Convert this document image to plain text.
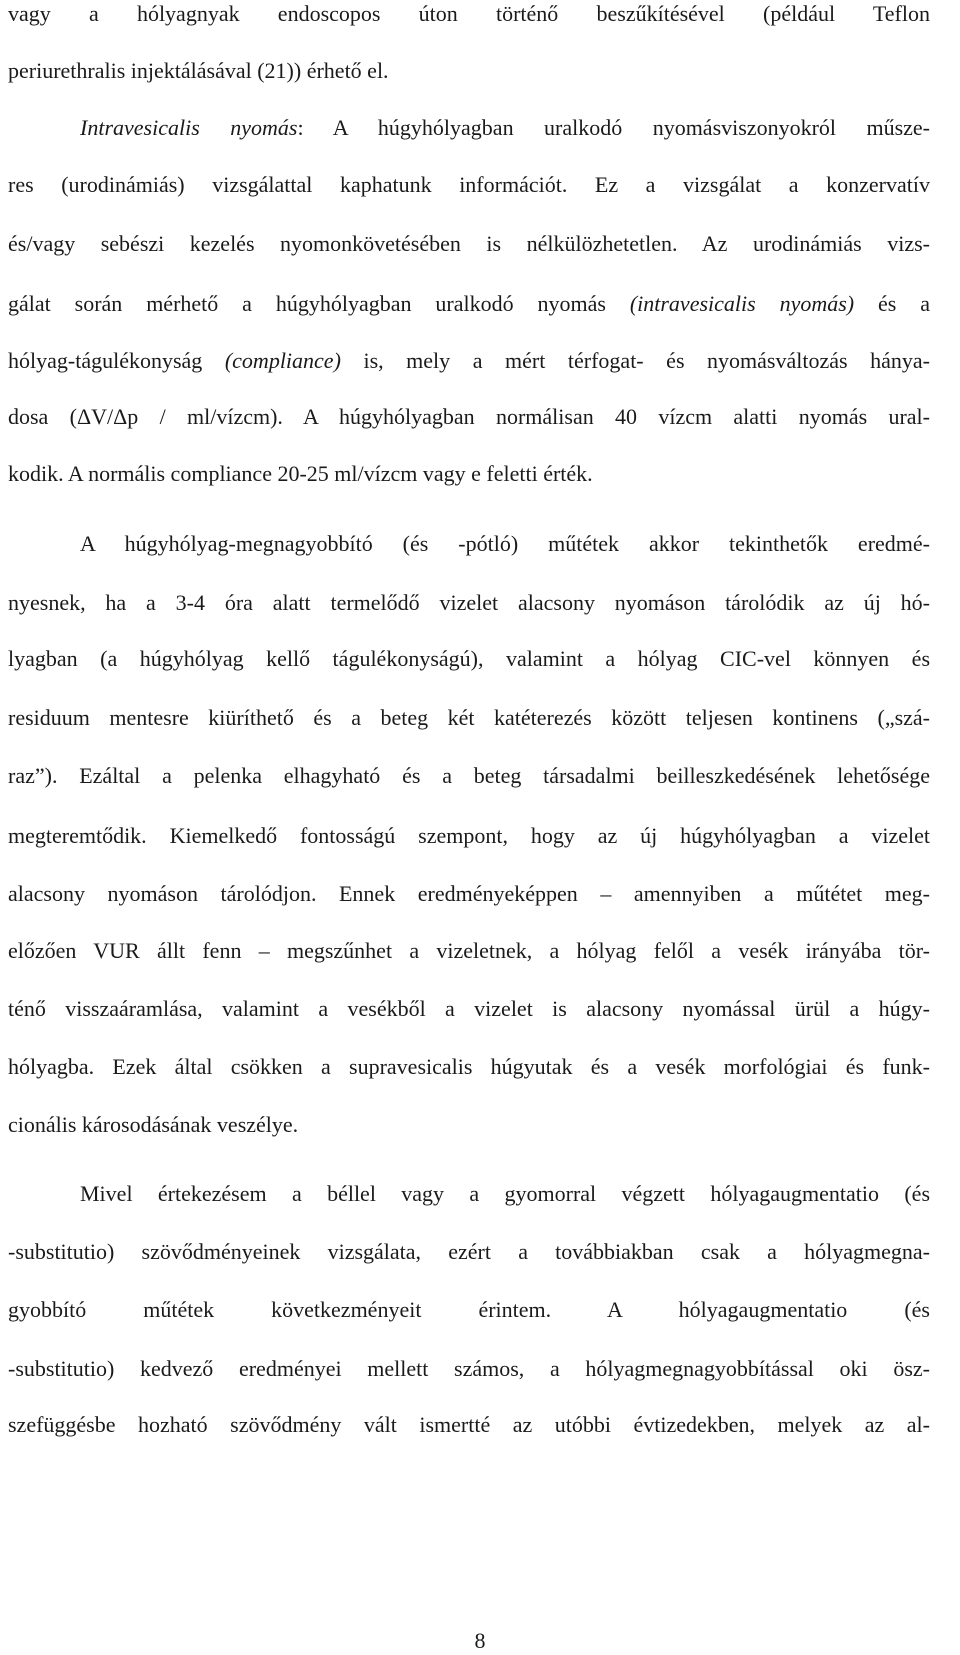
vagy a hólyagnyak endoscopos úton történő beszűkítésével (például Teflon
periurethralis injektálásával (21)) érhető el.
Intravesicalis nyomás: A húgyhólyagban uralkodó nyomásviszonyokról műsze-
res (urodinámiás) vizsgálattal kaphatunk információt. Ez a vizsgálat a konzervatív
és/vagy sebészi kezelés nyomonkövetésében is nélkülözhetetlen. Az urodinámiás vizs-
gálat során mérhető a húgyhólyagban uralkodó nyomás (intravesicalis nyomás) és a
hólyag-tágulékonyság (compliance) is, mely a mért térfogat- és nyomásváltozás hánya-
dosa (ΔV/Δp / ml/vízcm). A húgyhólyagban normálisan 40 vízcm alatti nyomás ural-
kodik. A normális compliance 20-25 ml/vízcm vagy e feletti érték.
A húgyhólyag-megnagyobbító (és -pótló) műtétek akkor tekinthetők eredmé-
nyesnek, ha a 3-4 óra alatt termelődő vizelet alacsony nyomáson tárolódik az új hó-
lyagban (a húgyhólyag kellő tágulékonyságú), valamint a hólyag CIC-vel könnyen és
residuum mentesre kiüríthető és a beteg két katéterezés között teljesen kontinens („szá-
raz”). Ezáltal a pelenka elhagyható és a beteg társadalmi beilleszkedésének lehetősége
megteremtődik. Kiemelkedő fontosságú szempont, hogy az új húgyhólyagban a vizelet
alacsony nyomáson tárolódjon. Ennek eredményeképpen – amennyiben a műtétet meg-
előzően VUR állt fenn – megszűnhet a vizeletnek, a hólyag felől a vesék irányába tör-
ténő visszaáramlása, valamint a vesékből a vizelet is alacsony nyomással ürül a húgy-
hólyagba. Ezek által csökken a supravesicalis húgyutak és a vesék morfológiai és funk-
cionális károsodásának veszélye.
Mivel értekezésem a béllel vagy a gyomorral végzett hólyagaugmentatio (és
-substitutio) szövődményeinek vizsgálata, ezért a továbbiakban csak a hólyagmegna-
gyobbító műtétek következményeit érintem. A hólyagaugmentatio (és
-substitutio) kedvező eredményei mellett számos, a hólyagmegnagyobbítással oki ösz-
szefüggésbe hozható szövődmény vált ismertté az utóbbi évtizedekben, melyek az al-
8
